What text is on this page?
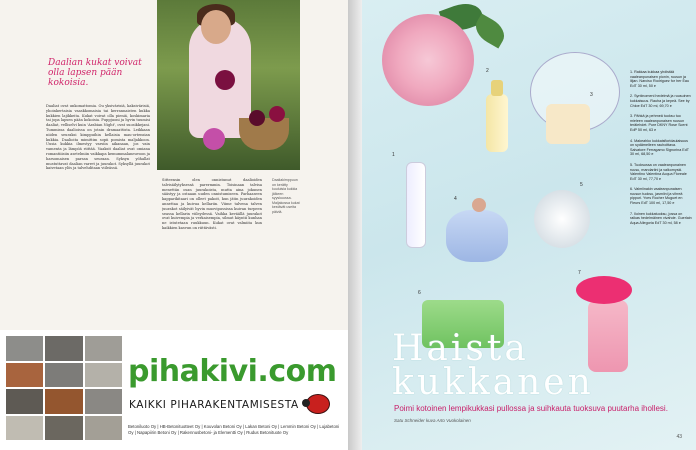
Daalian kukat voivat olla lapsen pään kokoisia.
Daaliat ovat unkomattomia. Ou yksivärisiä, kaksivärisiä, yhoinkertaisia vaaskkomaisia tai kerrannaisten kukka kukkien lajikkeita. Kukat voivat olla pieniä, koskimaria tai jopa lapsen pään kokoisia. Puppjuoni ja hyvin tuumisi daaliat, velliselvi kuin 'Arabian Night', ovat suosikkejani. Tummissa daalioissa on jotain dramaattista. Leikkaan niiden seuraksi kimppuihin kellaisia mau-ortensian kukkia. Daalioita mimittim sopii pomista maljakkoon. Uusia kukkia ilmestyy varsiin aikanaan, jos vain vamenta ja lämpöä riittää. Vaaksit daaliat ovat omiana romantiiisiin asetelmiin vaikkapa kemummalaneuvoon ja harsomaisen parsan seuraan. Syksyn yöhallat mustuttavat daalian varret ja juurakot. Syksyllä juurakot kaivetaan ylös ja talvehditaan viileässä.
Sitteensin olen onnistunut daalioiden talvisäilytyksessä parermmin. Toisinaan talvisa menettän osan juurakoista, mutta aina jokunen säästyy ja ostaaan uuden onnistumiseen. Parhaaseen kapparikitaari on olleet pakoit, kun jätin juurakoiden annettaa ja kuivua kellariin. Viime talvena talven juurakot säilyivät hyvin muovipussissa kuivan turpeen seassa kellarin viileydessä. Vaihka keväällä juurakot ovat kuivempia ja verkaisempia, silmut käyntii kunhan ne istutetaan ruukkuun. Kukat ovat valmiita kun kaikkien kasvun on riittävästi.
Daaliakimppuun on kerätty kuuluisia kukkia jälkeen syyskuussa. Maljakossa kukat kestävät useita päiviä.
pihakivi.com
KAIKKI PIHARAKENTAMISESTA
Betoniluoto Oy | HB-Betonituotteet Oy | Kouvolan Betoni Oy | Lakan Betoni Oy | Lemmin Betoni Oy | Lujabetoni Oy | Napapiirin Betoni Oy | Rakennusbetoni- ja Elementti Oy | Rudus Betonituote Oy
1
2
3
4
5
6
7

1. Rakkaa kukkaa yhdistää vaaleanpunaisen pionin, ruusun ja liljan. Narciso Rodriguez for her Eau EdT 30 ml, 50 e

2. Syntinomeni hedelmä ja ruusuinen kukkaisuus. Rauha ja kepeä. See by Chloe EdT 30 ml, 69,70 e

3. Pähkä ja pehmeä tuoksu tuo mieleen vaaleanpunaisen ruusun terälehdet. Pure DKNY Rose Scent EdP 50 ml, 63 e

4. Makeahko kukkaisfloridaulaisuus on sydämelleen rauhoittava. Salvatore Ferragamo Signorina EdT 30 ml, 68,50 e

5. Tuoksussa on vaaleanpunainen ruusu, mandariini ja valkomyski. Valentino Valentina Acqua Floreale EdT 30 ml, 77,70 e

6. Valmiinakin vaaleanpunaisen ruusun tuoksu, jasmiini ja vihreä pippuri. Yves Rocher Muguet en Fleurs EdT 100 ml, 17,50 e

7. Iloinen kukkatuoksu, jossa on raikas hedelmäinen vivahde. Guerlain Aqua Allegoria EdT 30 ml, 58 e

Haista
kukkanen
Poimi kotoinen lempikukkasi pullossa ja suihkauta tuoksuva puutarha ihollesi.
Satu Schneider kuva Arto Vuokolainen
43
